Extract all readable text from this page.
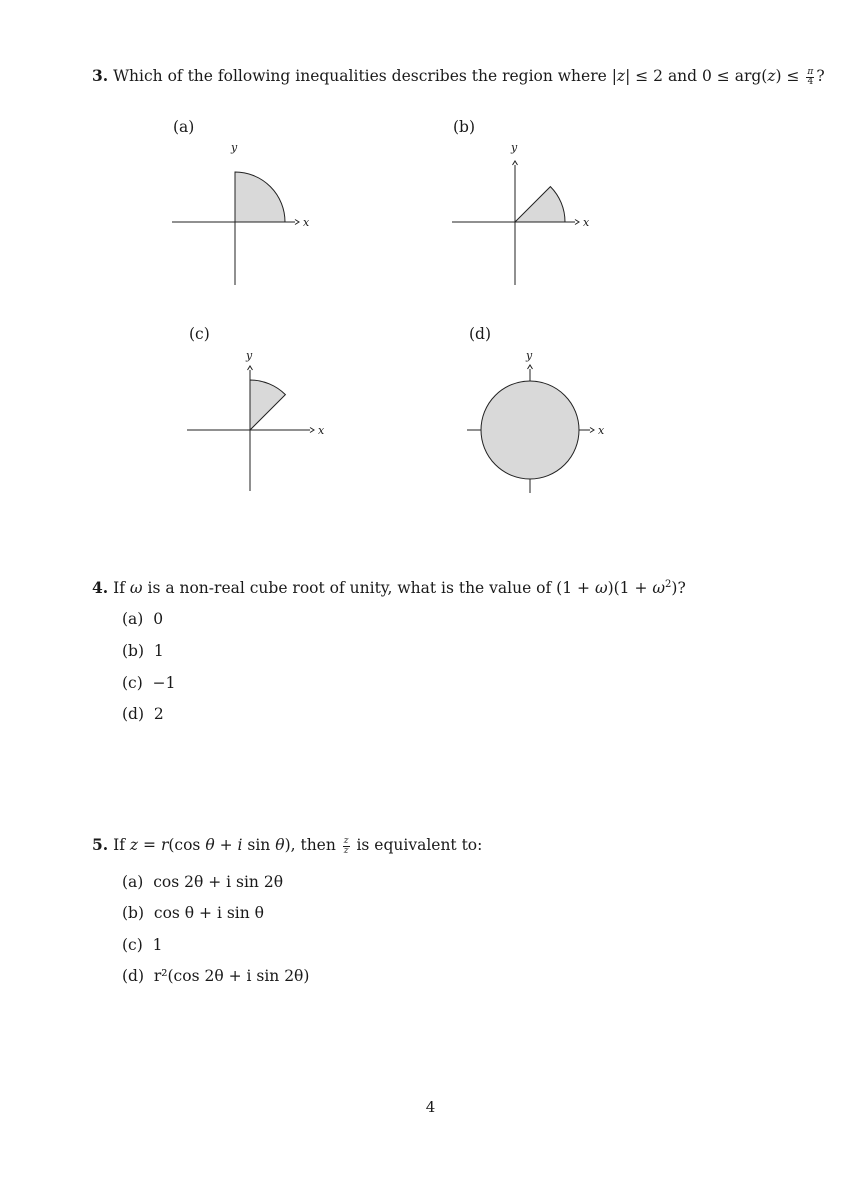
3. Which of the following inequalities describes the region where |z| ≤ 2 and $0 \le arg(z) \le \frac{\pi}{4}$ ?
(a)	(b)
(c)	(d)
x
y
x
y
x
y
x
y
4. If ω is a non-real cube root of unity, what is the value of $(1 + \omega)(1 + \omega^2)$?
(a) 0
(b) 1
(c) −1
(d) 2
5. If z = r(cos θ + i sin θ), then $\frac{z}{z̄}$ is equivalent to:
(a) cos 2θ + i sin 2θ
(b) cos θ + i sin θ
(c) 1
(d) r²(cos 2θ + i sin 2θ)
4
